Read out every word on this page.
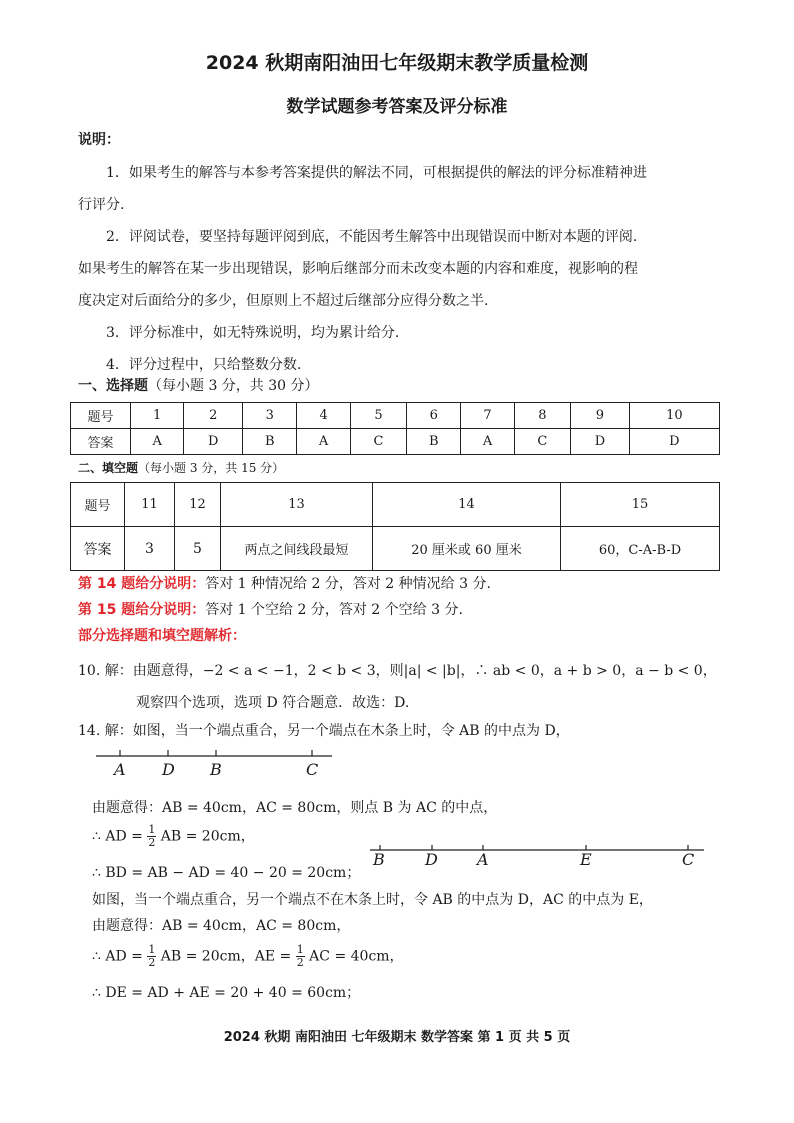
2024 秋期南阳油田七年级期末教学质量检测
数学试题参考答案及评分标准
说明：
1．如果考生的解答与本参考答案提供的解法不同，可根据提供的解法的评分标准精神进
行评分.
2．评阅试卷，要坚持每题评阅到底，不能因考生解答中出现错误而中断对本题的评阅.
如果考生的解答在某一步出现错误，影响后继部分而未改变本题的内容和难度，视影响的程
度决定对后面给分的多少，但原则上不超过后继部分应得分数之半.
3．评分标准中，如无特殊说明，均为累计给分.
4．评分过程中，只给整数分数.
一、选择题（每小题 3 分，共 30 分）
题号	1	2	3	4	5	6	7	8	9	10
答案	A	D	B	A	C	B	A	C	D	D
二、填空题（每小题 3 分，共 15 分）
题号	11	12	13	14	15
答案	3	5	两点之间线段最短	20 厘米或 60 厘米	60，C-A-B-D
第 14 题给分说明：答对 1 种情况给 2 分，答对 2 种情况给 3 分.
第 15 题给分说明：答对 1 个空给 2 分，答对 2 个空给 3 分.
部分选择题和填空题解析：
10. 解：由题意得，−2 < a < −1，2 < b < 3，则|a| < |b|，∴ ab < 0，a + b > 0，a − b < 0，
观察四个选项，选项 D 符合题意．故选：D.
14. 解：如图，当一个端点重合，另一个端点在木条上时，令 AB 的中点为 D，
A D B	C
由题意得：AB = 40cm，AC = 80cm，则点 B 为 AC 的中点，
∴ AD = $\frac{1}{2}$ AB = 20cm，
∴ BD = AB − AD = 40 − 20 = 20cm；
B	D A	E	C
如图，当一个端点重合，另一个端点不在木条上时，令 AB 的中点为 D，AC 的中点为 E，
由题意得：AB = 40cm，AC = 80cm，
∴ AD = $\frac{1}{2}$ AB = 20cm，AE = $\frac{1}{2}$ AC = 40cm，
∴ DE = AD + AE = 20 + 40 = 60cm；
2024 秋期 南阳油田 七年级期末 数学答案 第 1 页 共 5 页
